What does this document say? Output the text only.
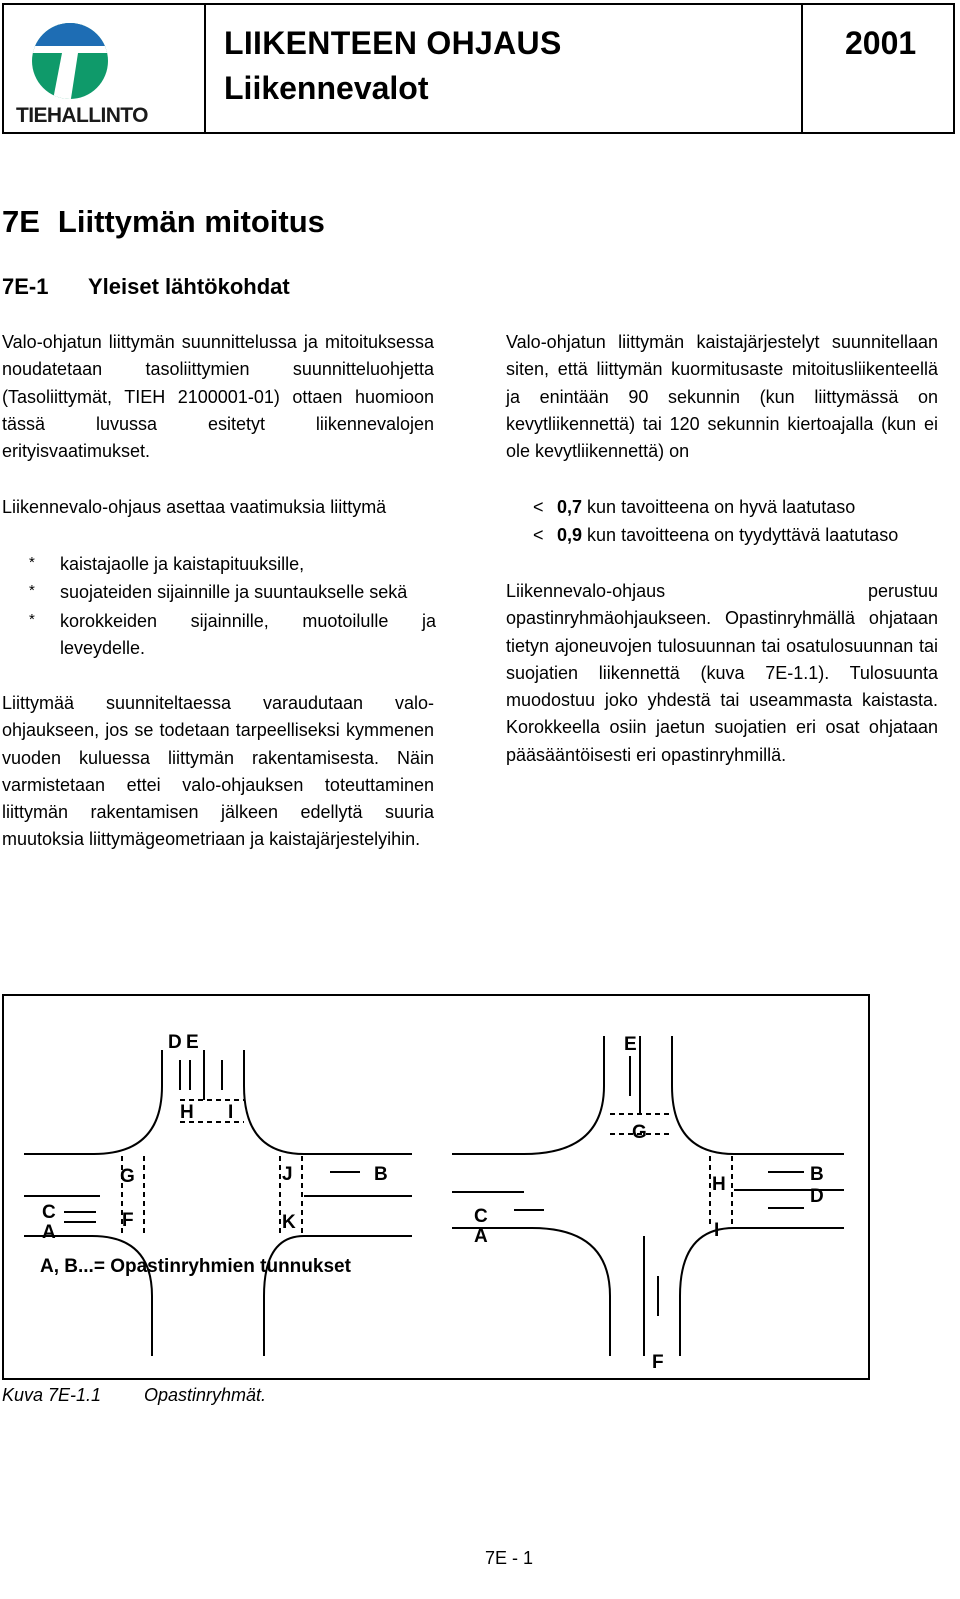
TIEHALLINTO
LIIKENTEEN OHJAUS
Liikennevalot
2001
7E Liittymän mitoitus
7E-1 Yleiset lähtökohdat
Valo-ohjatun liittymän suunnittelussa ja mitoituksessa noudatetaan tasoliittymien suunnitteluohjetta (Tasoliittymät, TIEH 2100001-01) ottaen huomioon tässä luvussa esitetyt liikennevalojen erityisvaatimukset.
Liikennevalo-ohjaus asettaa vaatimuksia liittymä
* kaistajaolle ja kaistapituuksille,
* suojateiden sijainnille ja suuntaukselle sekä
* korokkeiden sijainnille, muotoilulle ja leveydelle.
Liittymää suunniteltaessa varaudutaan valo-ohjaukseen, jos se todetaan tarpeelliseksi kymmenen vuoden kuluessa liittymän rakentamisesta. Näin varmistetaan ettei valo-ohjauksen toteuttaminen liittymän rakentamisen jälkeen edellytä suuria muutoksia liittymägeometriaan ja kaistajärjestelyihin.
Valo-ohjatun liittymän kaistajärjestelyt suunnitellaan siten, että liittymän kuormitusaste mitoitusliikenteellä ja enintään 90 sekunnin (kun liittymässä on kevytliikennettä) tai 120 sekunnin kiertoajalla (kun ei ole kevytliikennettä) on
< 0,7 kun tavoitteena on hyvä laatutaso
< 0,9 kun tavoitteena on tyydyttävä laatutaso
Liikennevalo-ohjaus perustuu opastinryhmäohjaukseen. Opastinryhmällä ohjataan tietyn ajoneuvojen tulosuunnan tai osatulosuunnan tai suojatien liikennettä (kuva 7E-1.1). Tulosuunta muodostuu joko yhdestä tai useammasta kaistasta. Korokkeella osiin jaetun suojatien eri osat ohjataan pääsääntöisesti eri opastinryhmillä.
D E
H I
G	J	B
C
A
F	K
A, B...= Opastinryhmien tunnukset
E
G
H	B
D
C
A	I
F
Kuva 7E-1.1 Opastinryhmät.
7E - 1
